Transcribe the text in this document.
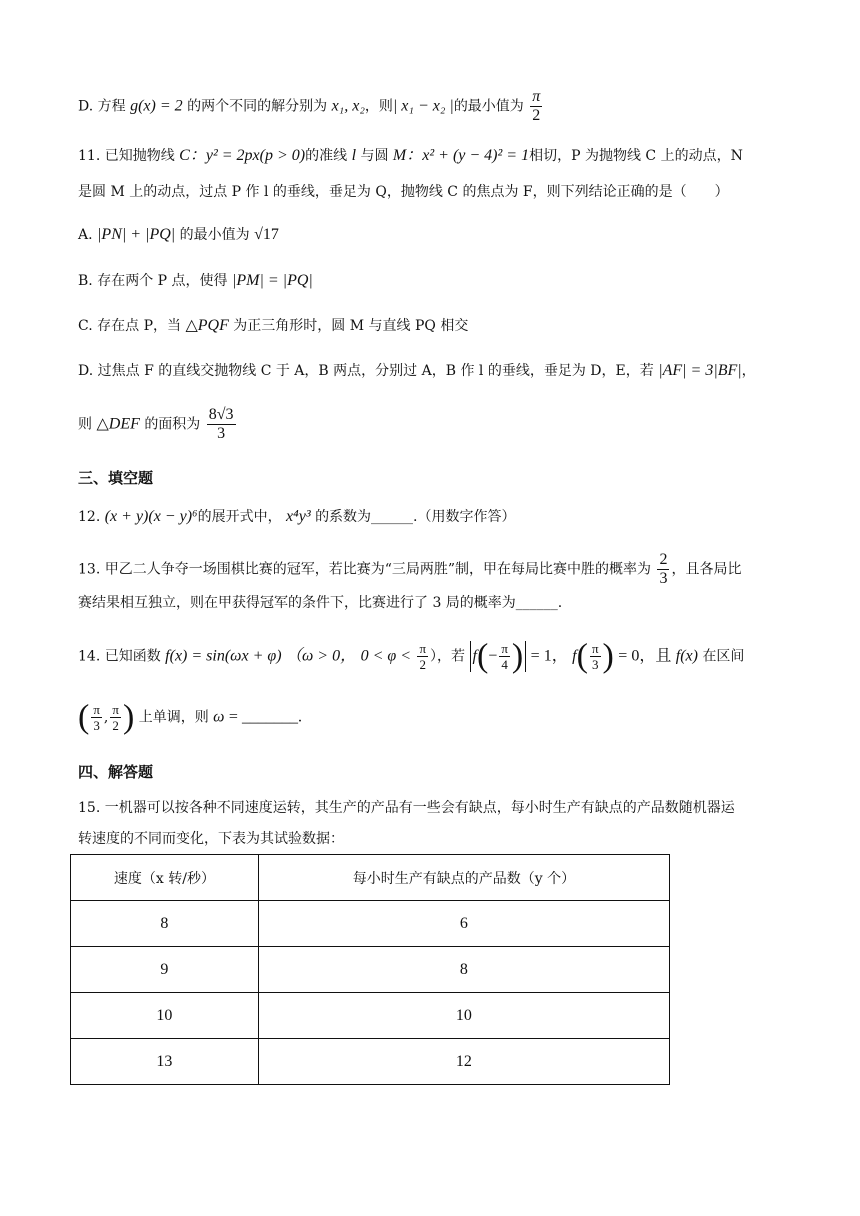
D. 方程 g(x) = 2 的两个不同的解分别为 x₁, x₂，则| x₁ − x₂ |的最小值为 $\frac{\pi}{2}$
11. 已知抛物线 C：y² = 2px(p > 0)的准线 l 与圆 M：x² + (y − 4)² = 1相切，P 为抛物线 C 上的动点，N
是圆 M 上的动点，过点 P 作 l 的垂线，垂足为 Q，抛物线 C 的焦点为 F，则下列结论正确的是（　　）
A. |PN| + |PQ| 的最小值为 √17
B. 存在两个 P 点，使得 |PM| = |PQ|
C. 存在点 P，当 △PQF 为正三角形时，圆 M 与直线 PQ 相交
D. 过焦点 F 的直线交抛物线 C 于 A，B 两点，分别过 A，B 作 l 的垂线，垂足为 D，E，若 |AF| = 3|BF|，
则 △DEF 的面积为 $\frac{8√3}{3}$
三、填空题
12. (x + y)(x − y)⁶的展开式中， x⁴y³ 的系数为______.（用数字作答）
13. 甲乙二人争夺一场围棋比赛的冠军，若比赛为“三局两胜”制，甲在每局比赛中胜的概率为 $\frac{2}{3}$ ，且各局比
赛结果相互独立，则在甲获得冠军的条件下，比赛进行了 3 局的概率为______.
14. 已知函数 f(x) = sin(ωx + φ) （ω > 0， $0 < \varphi < \frac{\pi}{2}$ ），若 $f(- \frac{\pi}{4}$ ) = 1， $f( \frac{\pi}{3}$ ) = 0，且 f(x) 在区间
( $\frac{\pi}{3}$ , $\frac{\pi}{2}$ ) 上单调，则 ω = _______.
四、解答题
15. 一机器可以按各种不同速度运转，其生产的产品有一些会有缺点，每小时生产有缺点的产品数随机器运
转速度的不同而变化，下表为其试验数据：
速度（x 转/秒）	每小时生产有缺点的产品数（y 个）
8	6
9	8
10	10
13	12
